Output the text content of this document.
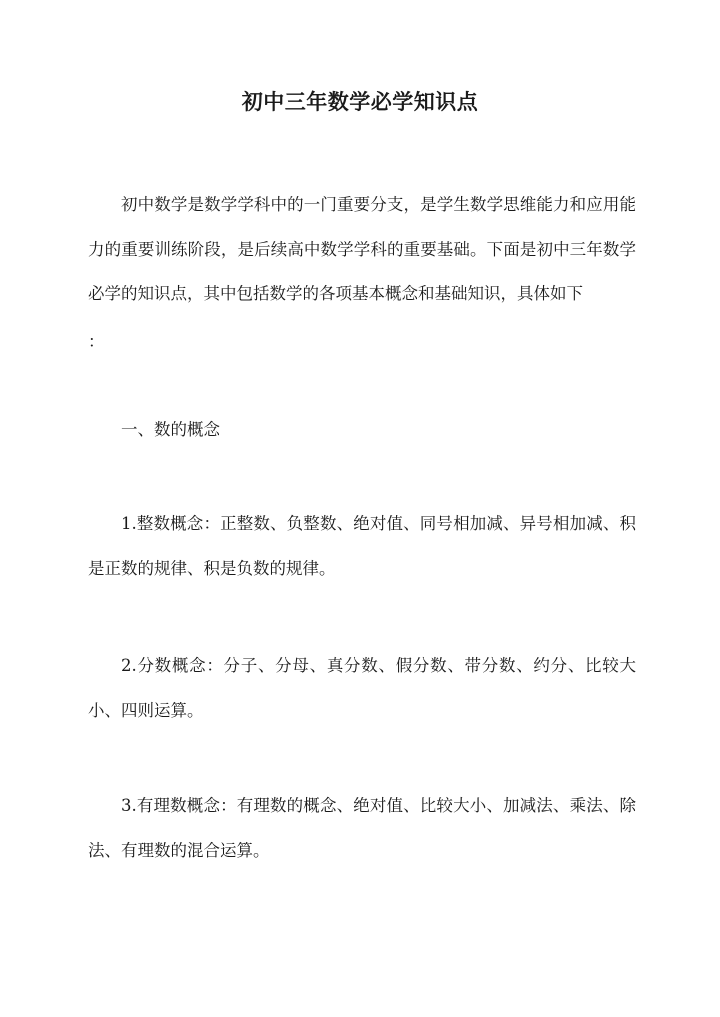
初中三年数学必学知识点
初中数学是数学学科中的一门重要分支，是学生数学思维能力和应用能力的重要训练阶段，是后续高中数学学科的重要基础。下面是初中三年数学必学的知识点，其中包括数学的各项基本概念和基础知识，具体如下
：
一、数的概念
1.整数概念：正整数、负整数、绝对值、同号相加减、异号相加减、积是正数的规律、积是负数的规律。
2.分数概念：分子、分母、真分数、假分数、带分数、约分、比较大小、四则运算。
3.有理数概念：有理数的概念、绝对值、比较大小、加减法、乘法、除法、有理数的混合运算。
